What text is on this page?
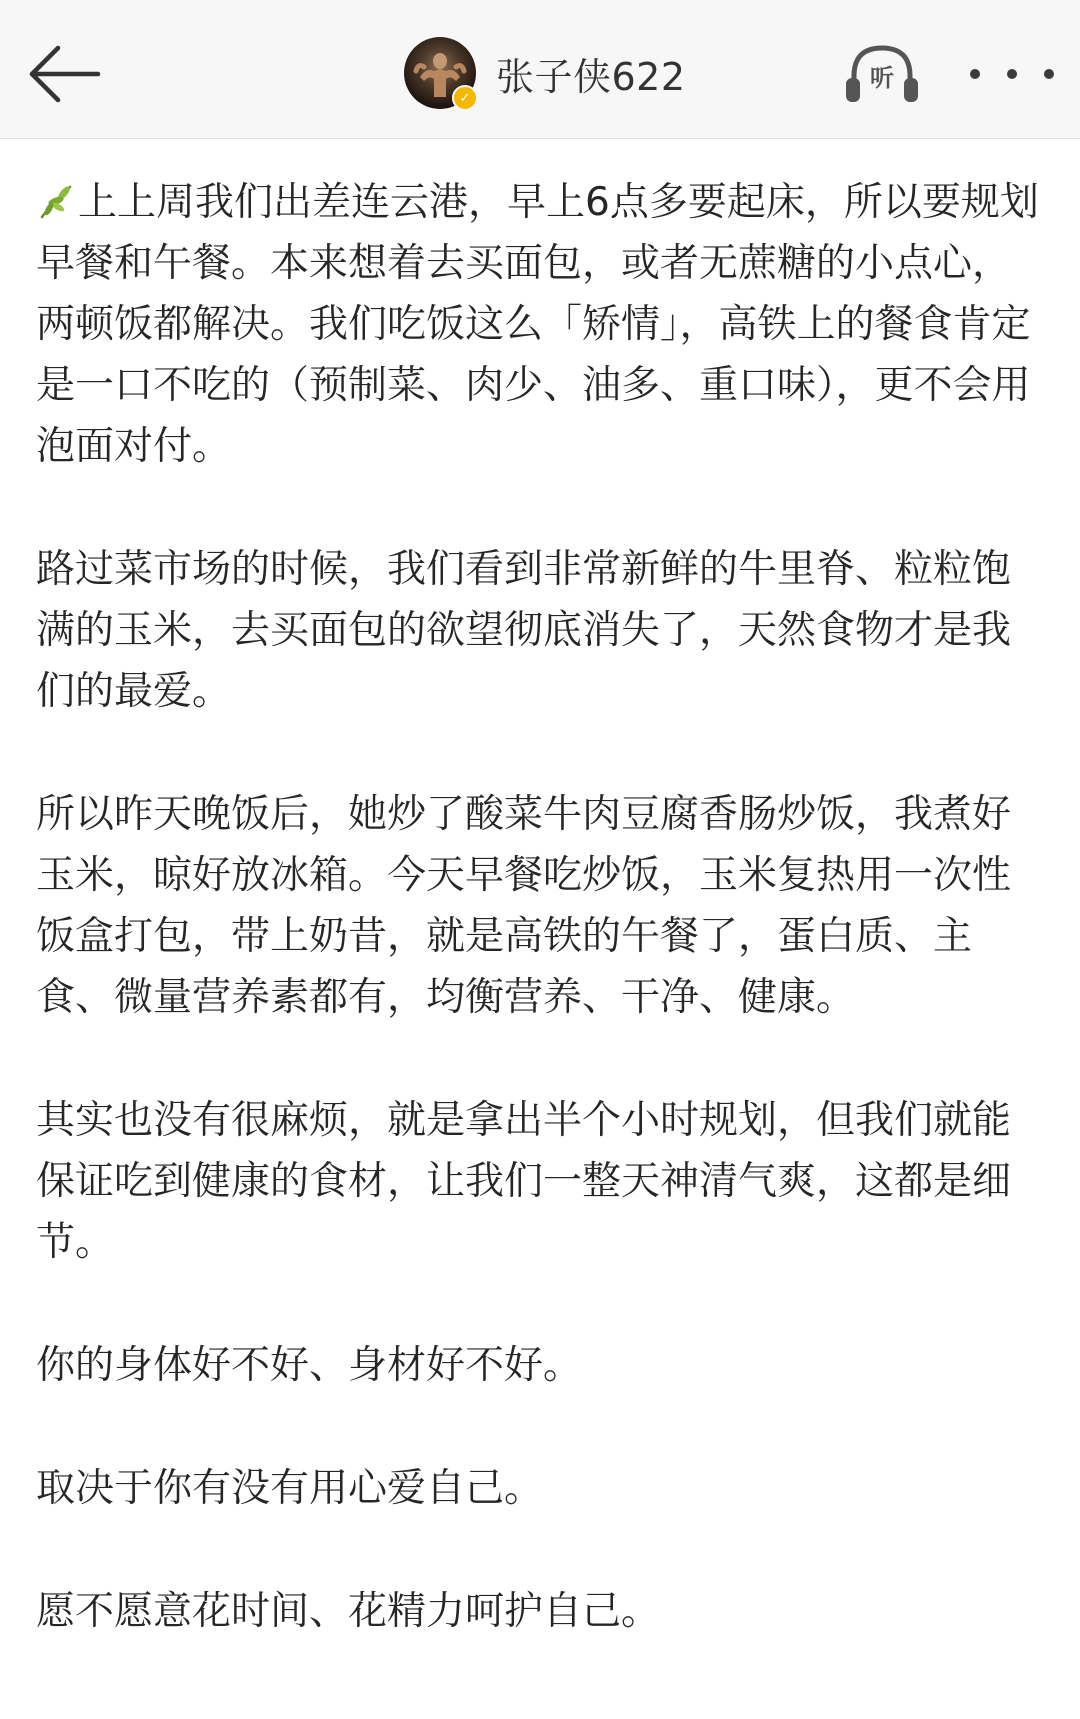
✓ 张子侠622	听

上上周我们出差连云港，早上6点多要起床，所以要规划早餐和午餐。本来想着去买面包，或者无蔗糖的小点心，两顿饭都解决。我们吃饭这么「矫情」，高铁上的餐食肯定是一口不吃的（预制菜、肉少、油多、重口味），更不会用泡面对付。

路过菜市场的时候，我们看到非常新鲜的牛里脊、粒粒饱满的玉米，去买面包的欲望彻底消失了，天然食物才是我们的最爱。

所以昨天晚饭后，她炒了酸菜牛肉豆腐香肠炒饭，我煮好玉米，晾好放冰箱。今天早餐吃炒饭，玉米复热用一次性饭盒打包，带上奶昔，就是高铁的午餐了，蛋白质、主食、微量营养素都有，均衡营养、干净、健康。

其实也没有很麻烦，就是拿出半个小时规划，但我们就能保证吃到健康的食材，让我们一整天神清气爽，这都是细节。

你的身体好不好、身材好不好。

取决于你有没有用心爱自己。

愿不愿意花时间、花精力呵护自己。
